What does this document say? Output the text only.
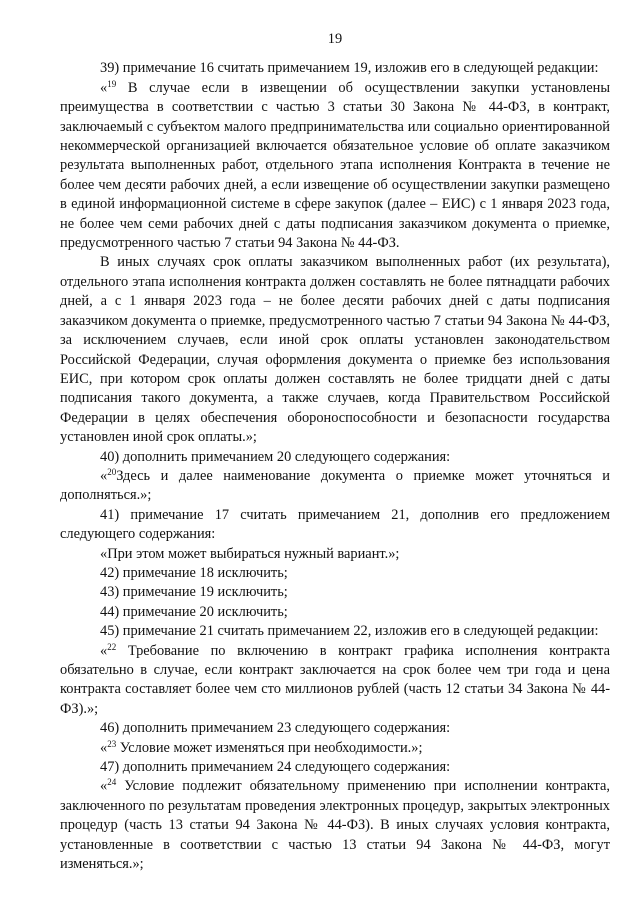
19

39) примечание 16 считать примечанием 19, изложив его в следующей редакции:

«$^{19}$ В случае если в извещении об осуществлении закупки установлены преимущества в соответствии с частью 3 статьи 30 Закона № 44-ФЗ, в контракт, заключаемый с субъектом малого предпринимательства или социально ориентированной некоммерческой организацией включается обязательное условие об оплате заказчиком результата выполненных работ, отдельного этапа исполнения Контракта в течение не более чем десяти рабочих дней, а если извещение об осуществлении закупки размещено в единой информационной системе в сфере закупок (далее – ЕИС) с 1 января 2023 года, не более чем семи рабочих дней с даты подписания заказчиком документа о приемке, предусмотренного частью 7 статьи 94 Закона № 44-ФЗ.

В иных случаях срок оплаты заказчиком выполненных работ (их результата), отдельного этапа исполнения контракта должен составлять не более пятнадцати рабочих дней, а с 1 января 2023 года – не более десяти рабочих дней с даты подписания заказчиком документа о приемке, предусмотренного частью 7 статьи 94 Закона № 44-ФЗ, за исключением случаев, если иной срок оплаты установлен законодательством Российской Федерации, случая оформления документа о приемке без использования ЕИС, при котором срок оплаты должен составлять не более тридцати дней с даты подписания такого документа, а также случаев, когда Правительством Российской Федерации в целях обеспечения обороноспособности и безопасности государства установлен иной срок оплаты.»;

40) дополнить примечанием 20 следующего содержания:

«$^{20}$Здесь и далее наименование документа о приемке может уточняться и дополняться.»;

41) примечание 17 считать примечанием 21, дополнив его предложением следующего содержания:

«При этом может выбираться нужный вариант.»;

42) примечание 18 исключить;

43) примечание 19 исключить;

44) примечание 20 исключить;

45) примечание 21 считать примечанием 22, изложив его в следующей редакции:

«$^{22}$ Требование по включению в контракт графика исполнения контракта обязательно в случае, если контракт заключается на срок более чем три года и цена контракта составляет более чем сто миллионов рублей (часть 12 статьи 34 Закона № 44-ФЗ).»;

46) дополнить примечанием 23 следующего содержания:

«$^{23}$ Условие может изменяться при необходимости.»;

47) дополнить примечанием 24 следующего содержания:

«$^{24}$ Условие подлежит обязательному применению при исполнении контракта, заключенного по результатам проведения электронных процедур, закрытых электронных процедур (часть 13 статьи 94 Закона № 44-ФЗ). В иных случаях условия контракта, установленные в соответствии с частью 13 статьи 94 Закона № 44-ФЗ, могут изменяться.»;
